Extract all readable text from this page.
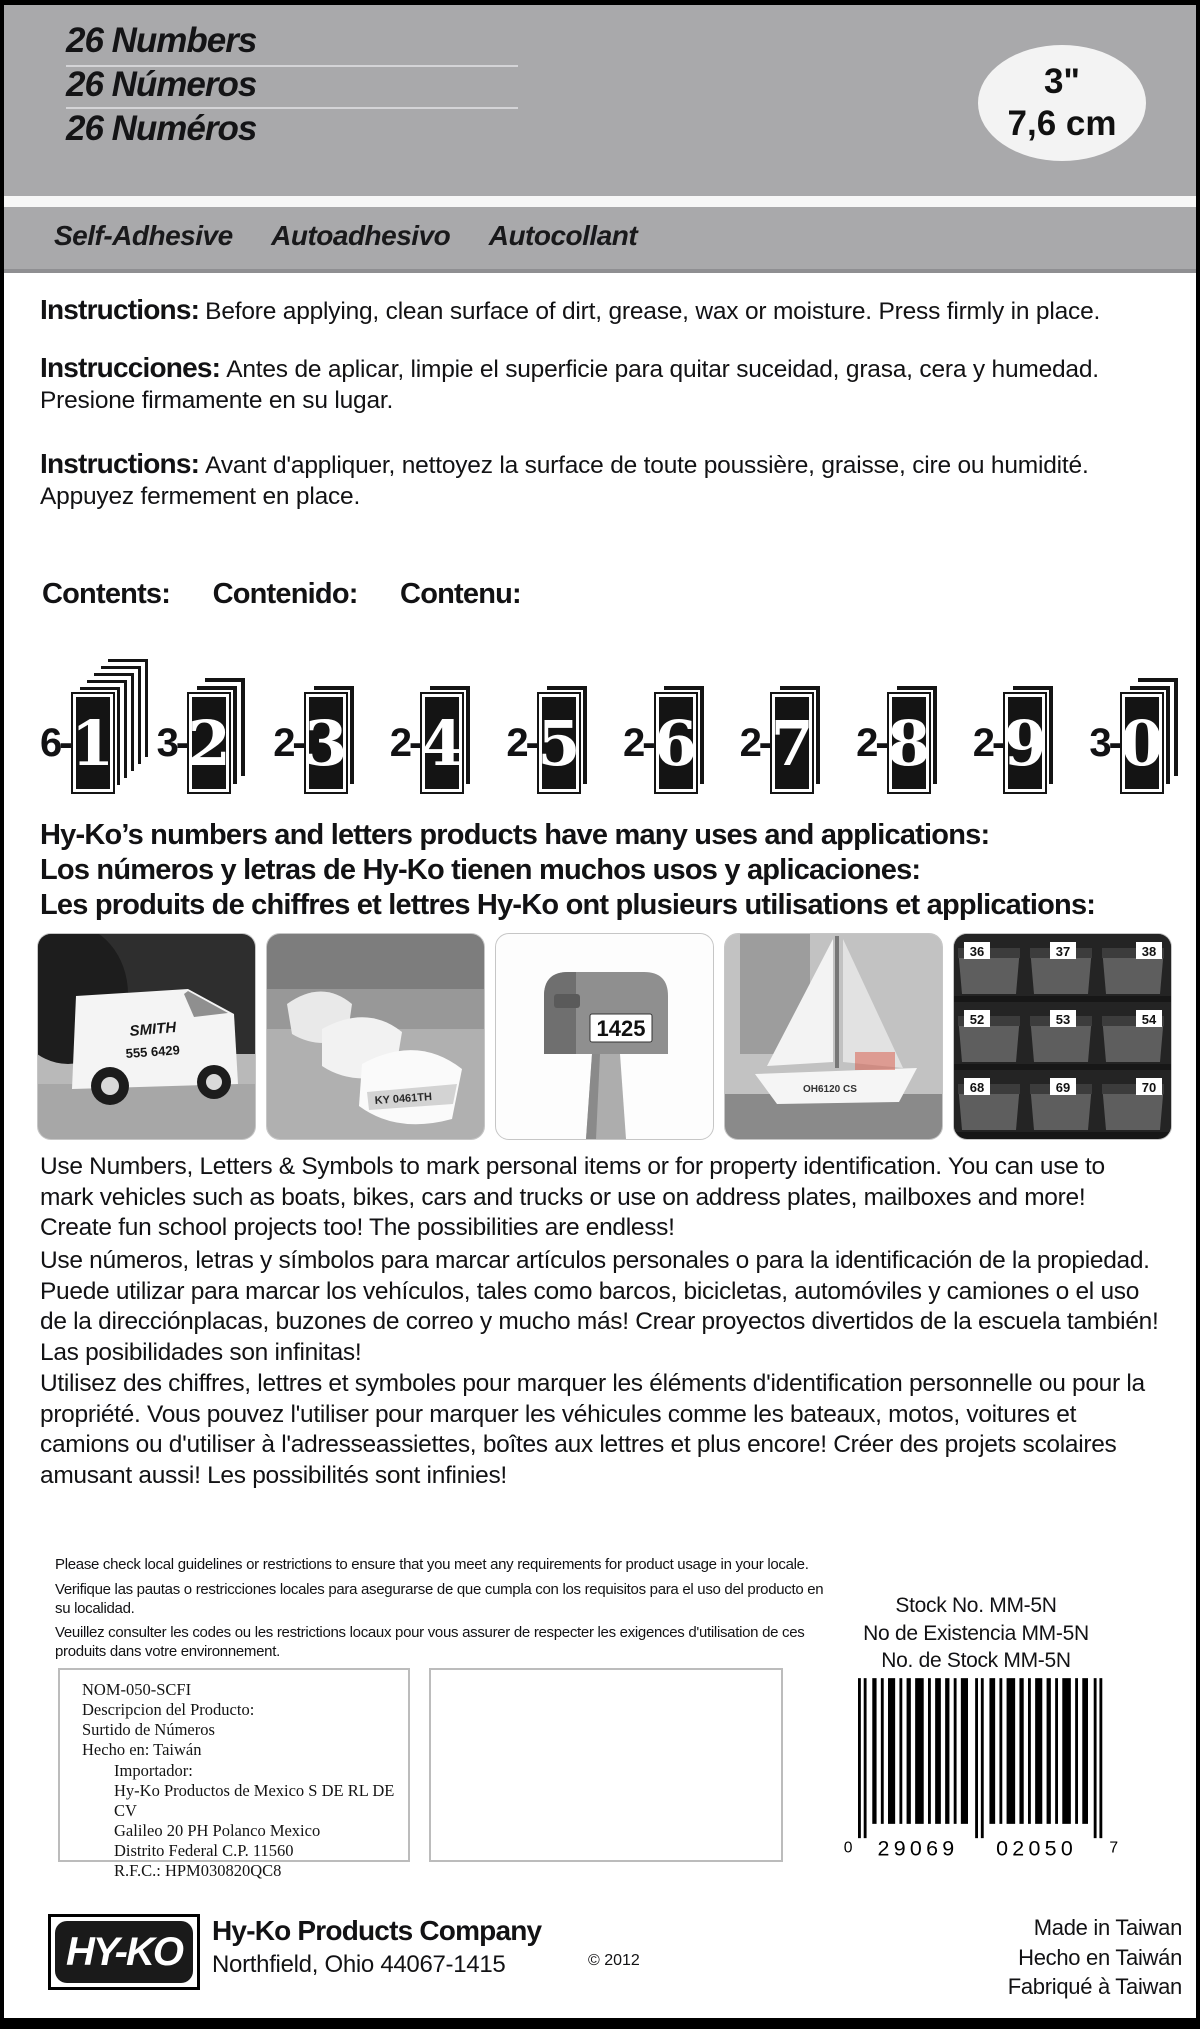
26 Numbers
26 Números
26 Numéros
3"
7,6 cm
Self-Adhesive Autoadhesivo Autocollant
Instructions: Before applying, clean surface of dirt, grease, wax or moisture. Press firmly in place.
Instrucciones: Antes de aplicar, limpie el superficie para quitar suceidad, grasa, cera y humedad. Presione firmamente en su lugar.
Instructions: Avant d'appliquer, nettoyez la surface de toute poussière, graisse, cire ou humidité. Appuyez fermement en place.
Contents: Contenido: Contenu:
6- 1 3- 2 2- 3 2- 4 2- 5 2- 6 2- 7 2- 8 2- 9 3- 0
Hy-Ko’s numbers and letters products have many uses and applications:
Los números y letras de Hy-Ko tienen muchos usos y aplicaciones:
Les produits de chiffres et lettres Hy-Ko ont plusieurs utilisations et applications:
SMITH
555 6429
KY 0461TH
1425
OH6120 CS
36	37	38
52	53	54
68	69	70
Use Numbers, Letters & Symbols to mark personal items or for property identification. You can use to mark vehicles such as boats, bikes, cars and trucks or use on address plates, mailboxes and more! Create fun school projects too! The possibilities are endless!
Use números, letras y símbolos para marcar artículos personales o para la identificación de la propiedad. Puede utilizar para marcar los vehículos, tales como barcos, bicicletas, automóviles y camiones o el uso de la direcciónplacas, buzones de correo y mucho más! Crear proyectos divertidos de la escuela también! Las posibilidades son infinitas!
Utilisez des chiffres, lettres et symboles pour marquer les éléments d'identification personnelle ou pour la propriété. Vous pouvez l'utiliser pour marquer les véhicules comme les bateaux, motos, voitures et camions ou d'utiliser à l'adresseassiettes, boîtes aux lettres et plus encore! Créer des projets scolaires amusant aussi! Les possibilités sont infinies!
Please check local guidelines or restrictions to ensure that you meet any requirements for product usage in your locale.
Verifique las pautas o restricciones locales para asegurarse de que cumpla con los requisitos para el uso del producto en su localidad.
Veuillez consulter les codes ou les restrictions locaux pour vous assurer de respecter les exigences d'utilisation de ces produits dans votre environnement.
Stock No. MM-5N
No de Existencia MM-5N
No. de Stock MM-5N
0 29069	02050	7
NOM-050-SCFI
Descripcion del Producto:
Surtido de Números
Hecho en: Taiwán
Importador:
Hy-Ko Productos de Mexico S DE RL DE CV
Galileo 20 PH Polanco Mexico
Distrito Federal C.P. 11560
R.F.C.: HPM030820QC8
HY-KO Hy-Ko Products Company
Northfield, Ohio 44067-1415	© 2012
Made in Taiwan
Hecho en Taiwán
Fabriqué à Taiwan
